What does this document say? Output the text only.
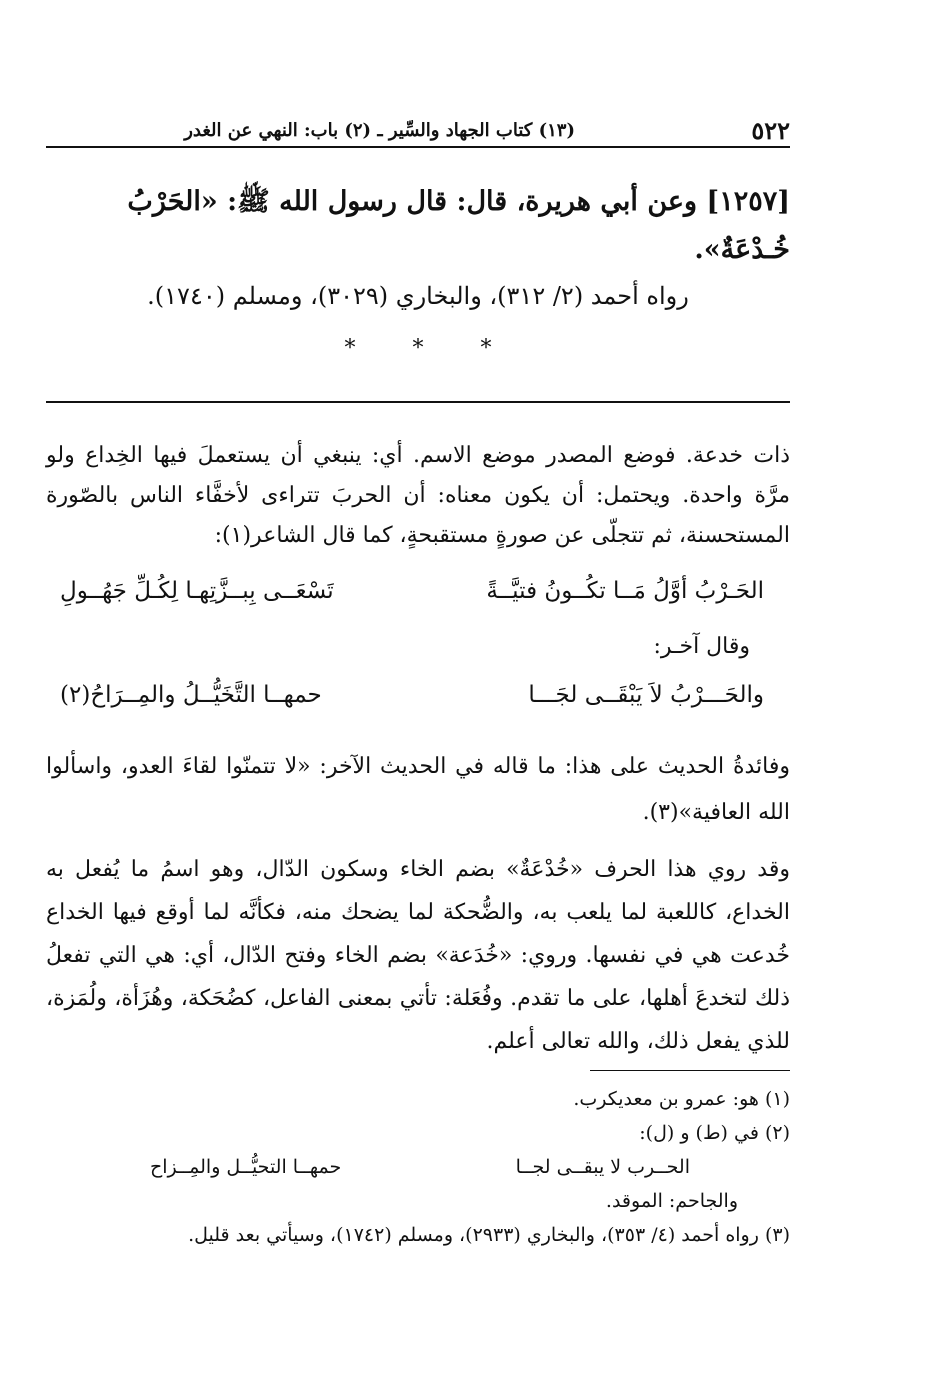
٥٢٢
(١٣) كتاب الجهاد والسِّير ـ (٢) باب: النهي عن الغدر
[١٢٥٧] وعن أبي هريرة، قال: قال رسول الله ﷺ: «الحَرْبُ خُـدْعَةٌ».
رواه أحمد (٢/ ٣١٢)، والبخاري (٣٠٢٩)، ومسلم (١٧٤٠).
* * *
ذات خدعة. فوضع المصدر موضع الاسم. أي: ينبغي أن يستعملَ فيها الخِداع ولو مرَّة واحدة. ويحتمل: أن يكون معناه: أن الحربَ تتراءى لأخفَّاء الناس بالصّورة المستحسنة، ثم تتجلّى عن صورةٍ مستقبحةٍ، كما قال الشاعر(١):
الحَـرْبُ أوَّلُ مَــا تكُــونُ فتيَّــةً
تَسْعَــى بِبــزَّتِهـا لِكُـلِّ جَهُــولِ
وقال آخـر:
والحَـــرْبُ لاَ يَبْقَــى لجَـــا
حمهــا التَّخَيُّــلُ والمِــرَاحُ(٢)
وفائدةُ الحديث على هذا: ما قاله في الحديث الآخر: «لا تتمنّوا لقاءَ العدو، واسألوا الله العافية»(٣).
وقد روي هذا الحرف «خُدْعَةٌ» بضم الخاء وسكون الدّال، وهو اسمُ ما يُفعل به الخداع، كاللعبة لما يلعب به، والضُّحكة لما يضحك منه، فكأنَّه لما أوقع فيها الخداع خُدعت هي في نفسها. وروي: «خُدَعة» بضم الخاء وفتح الدّال، أي: هي التي تفعلُ ذلك لتخدعَ أهلها، على ما تقدم. وفُعَلة: تأتي بمعنى الفاعل، كضُحَكة، وهُزَأة، ولُمَزة، للذي يفعل ذلك، والله تعالى أعلم.
(١) هو: عمرو بن معديكرب.
(٢) في (ط) و (ل):
الحــرب لا يبقــى لجــا
حمهــا التحيُّــل والمِــزاح
والجاحم: الموقد.
(٣) رواه أحمد (٤/ ٣٥٣)، والبخاري (٢٩٣٣)، ومسلم (١٧٤٢)، وسيأتي بعد قليل.
